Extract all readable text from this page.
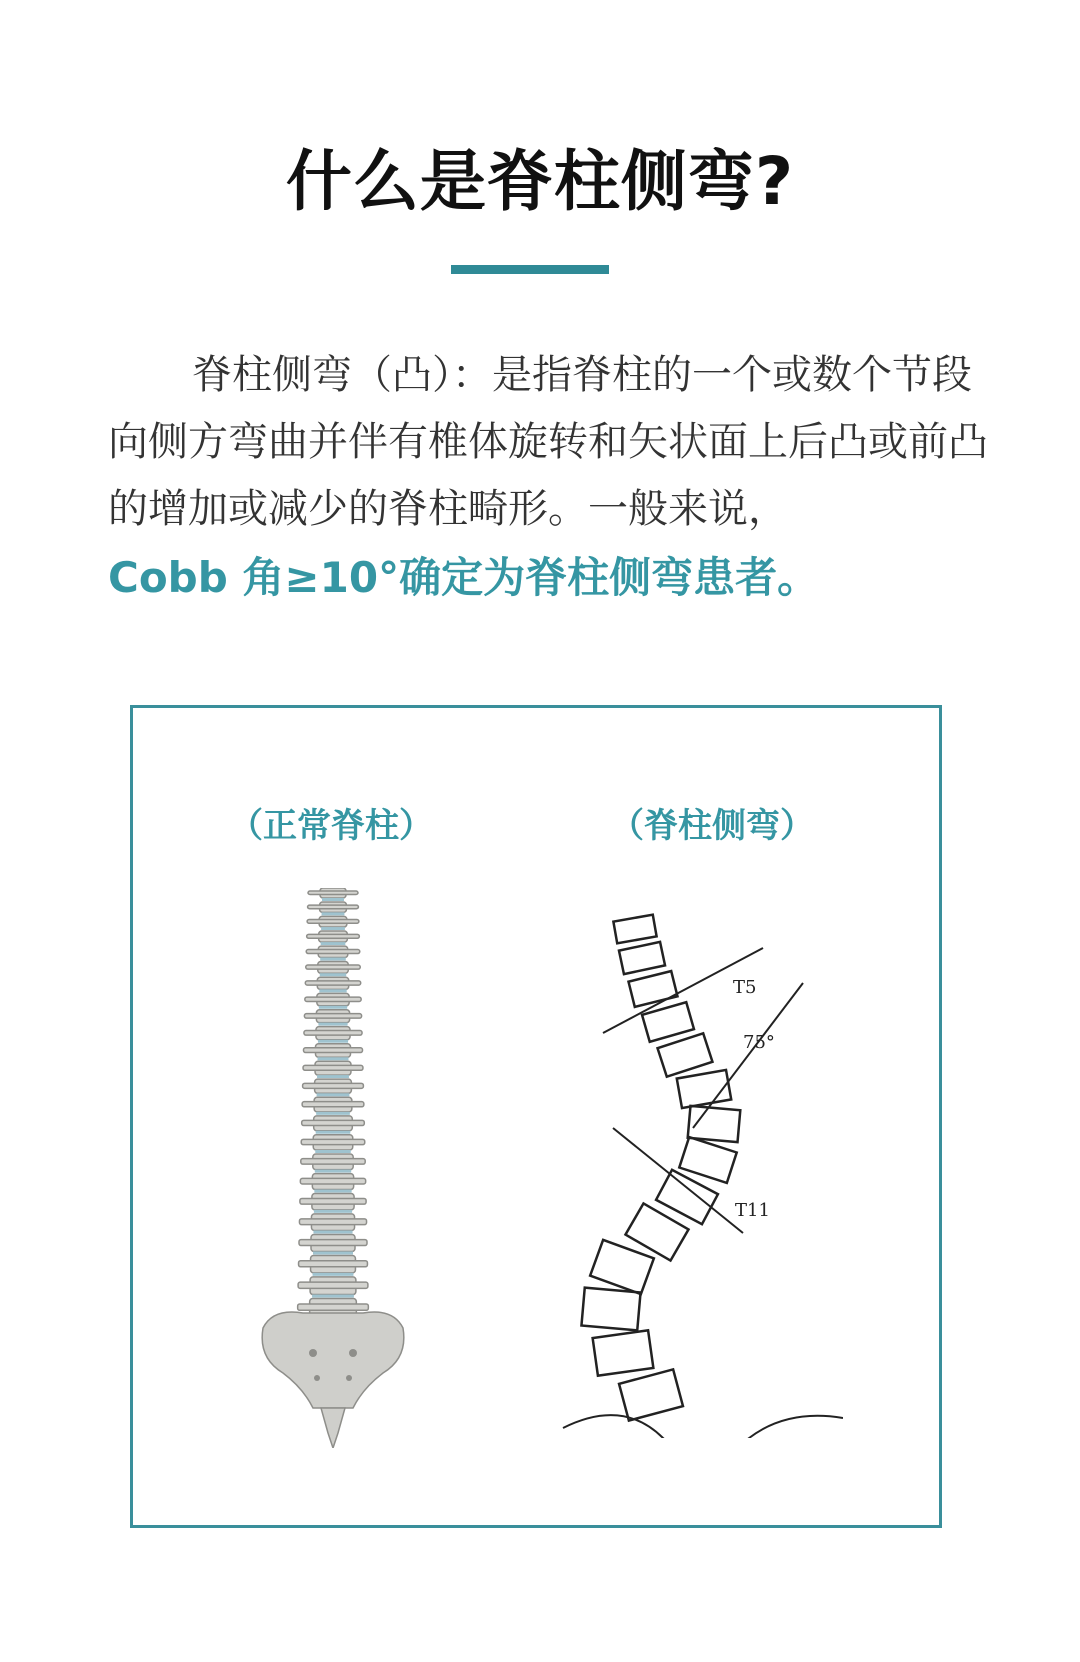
什么是脊柱侧弯?

脊柱侧弯（凸）：是指脊柱的一个或数个节段向侧方弯曲并伴有椎体旋转和矢状面上后凸或前凸的增加或减少的脊柱畸形。一般来说，

Cobb 角≥10°确定为脊柱侧弯患者。

（正常脊柱）	（脊柱侧弯）
T5
75°
T11
